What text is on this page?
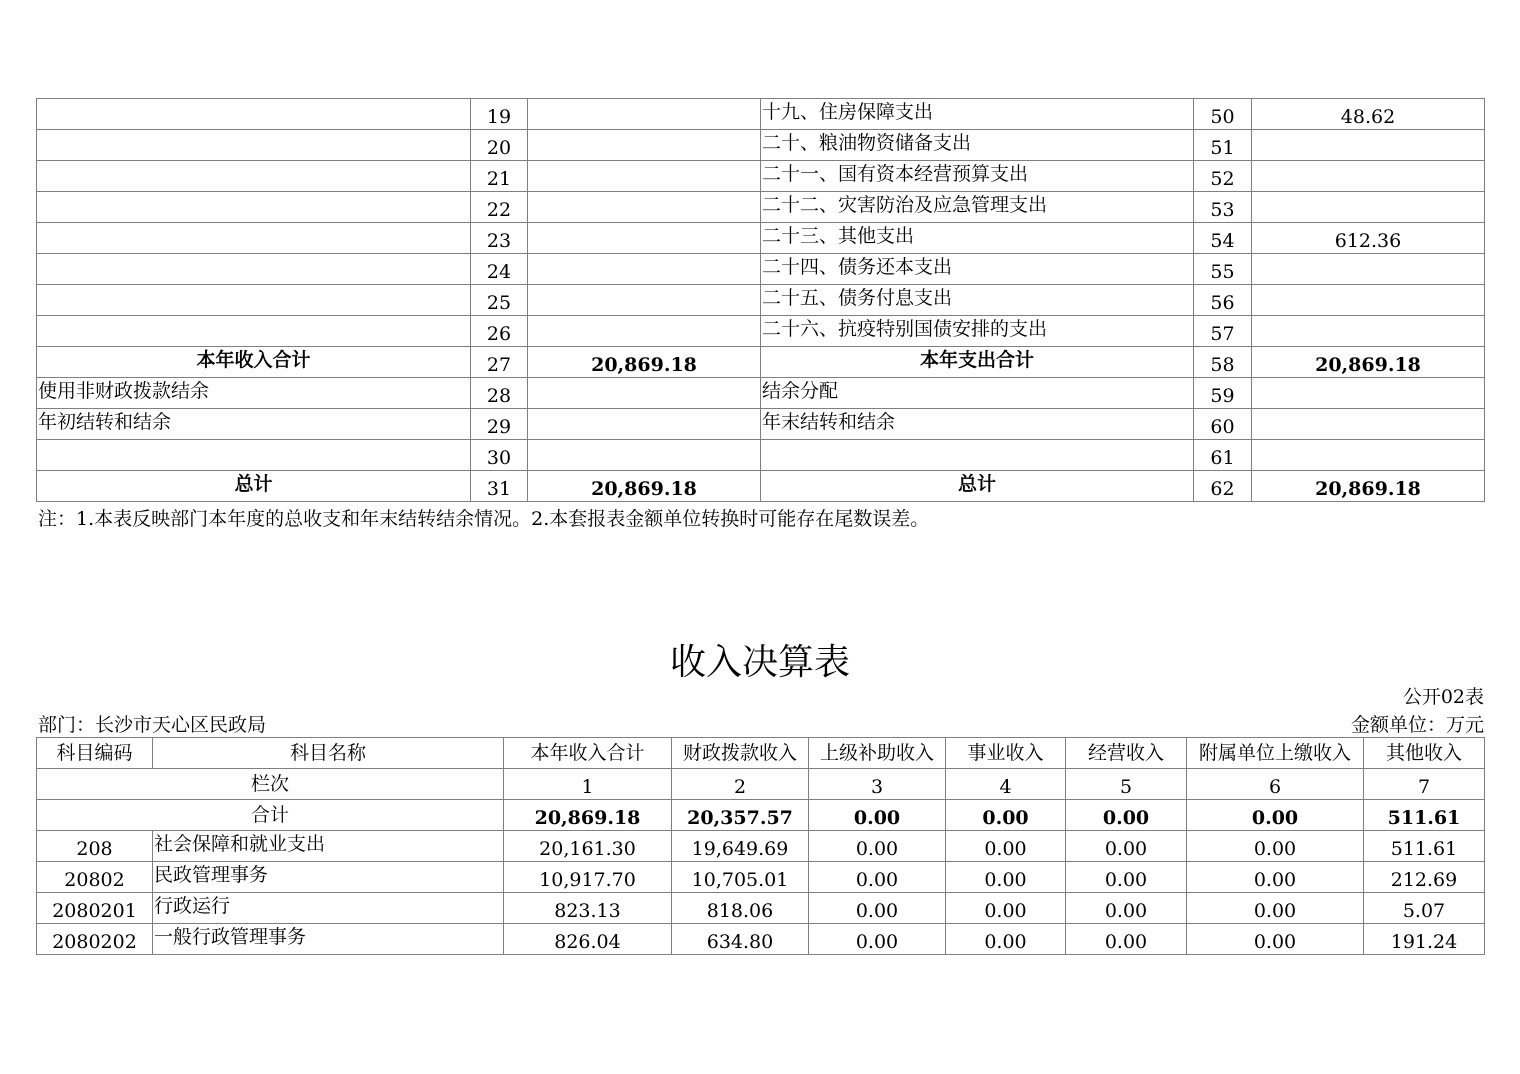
	19		十九、住房保障支出	50	48.62
	20		二十、粮油物资储备支出	51	
	21		二十一、国有资本经营预算支出	52	
	22		二十二、灾害防治及应急管理支出	53	
	23		二十三、其他支出	54	612.36
	24		二十四、债务还本支出	55	
	25		二十五、债务付息支出	56	
	26		二十六、抗疫特别国债安排的支出	57	
本年收入合计	27	20,869.18	本年支出合计	58	20,869.18
使用非财政拨款结余	28		结余分配	59	
年初结转和结余	29		年末结转和结余	60	
	30			61	
总计	31	20,869.18	总计	62	20,869.18
注：1.本表反映部门本年度的总收支和年末结转结余情况。2.本套报表金额单位转换时可能存在尾数误差。
收入决算表
公开02表
部门：长沙市天心区民政局	金额单位：万元
科目编码	科目名称	本年收入合计	财政拨款收入	上级补助收入	事业收入	经营收入	附属单位上缴收入	其他收入
栏次		1	2	3	4	5	6	7
合计		20,869.18	20,357.57	0.00	0.00	0.00	0.00	511.61
208	社会保障和就业支出	20,161.30	19,649.69	0.00	0.00	0.00	0.00	511.61
20802	民政管理事务	10,917.70	10,705.01	0.00	0.00	0.00	0.00	212.69
2080201	行政运行	823.13	818.06	0.00	0.00	0.00	0.00	5.07
2080202	一般行政管理事务	826.04	634.80	0.00	0.00	0.00	0.00	191.24
